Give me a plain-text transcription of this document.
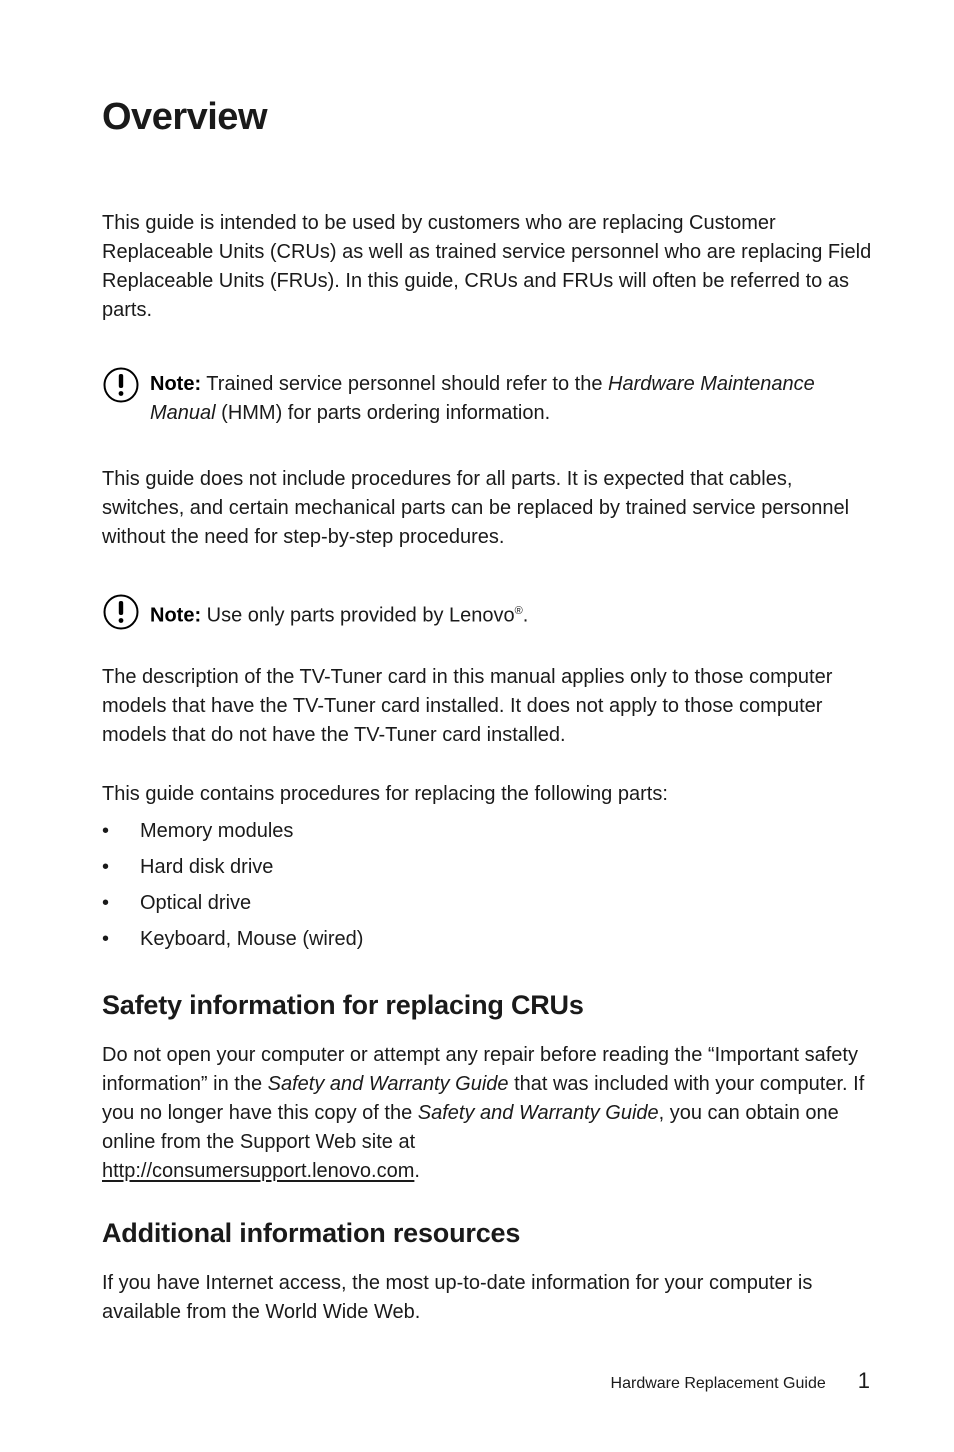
Overview

This guide is intended to be used by customers who are replacing Customer Replaceable Units (CRUs) as well as trained service personnel who are replacing Field Replaceable Units (FRUs). In this guide, CRUs and FRUs will often be referred to as parts.

Note: Trained service personnel should refer to the Hardware Maintenance Manual (HMM) for parts ordering information.

This guide does not include procedures for all parts. It is expected that cables, switches, and certain mechanical parts can be replaced by trained service personnel without the need for step-by-step procedures.

Note: Use only parts provided by Lenovo®.

The description of the TV-Tuner card in this manual applies only to those computer models that have the TV-Tuner card installed. It does not apply to those computer models that do not have the TV-Tuner card installed.

This guide contains procedures for replacing the following parts:

• Memory modules
• Hard disk drive
• Optical drive
• Keyboard, Mouse (wired)
Safety information for replacing CRUs

Do not open your computer or attempt any repair before reading the “Important safety information” in the Safety and Warranty Guide that was included with your computer. If you no longer have this copy of the Safety and Warranty Guide, you can obtain one online from the Support Web site at
http://consumersupport.lenovo.com.

Additional information resources

If you have Internet access, the most up-to-date information for your computer is available from the World Wide Web.

Hardware Replacement Guide 1
